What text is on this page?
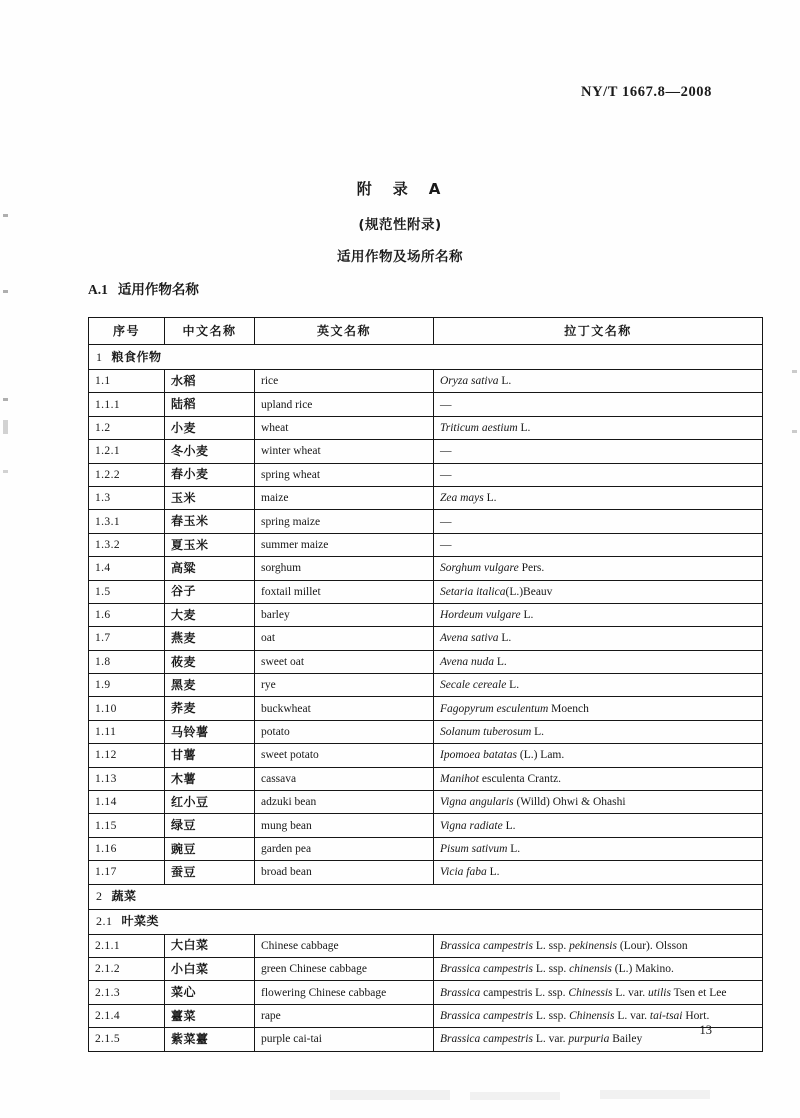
NY/T 1667.8—2008
附　录　A
(规范性附录)
适用作物及场所名称
A.1 适用作物名称
序号	中文名称	英文名称	拉丁文名称
1 粮食作物			
1.1	水稻	rice	Oryza sativa L.
1.1.1	陆稻	upland rice	—
1.2	小麦	wheat	Triticum aestium L.
1.2.1	冬小麦	winter wheat	—
1.2.2	春小麦	spring wheat	—
1.3	玉米	maize	Zea mays L.
1.3.1	春玉米	spring maize	—
1.3.2	夏玉米	summer maize	—
1.4	高粱	sorghum	Sorghum vulgare Pers.
1.5	谷子	foxtail millet	Setaria italica(L.)Beauv
1.6	大麦	barley	Hordeum vulgare L.
1.7	燕麦	oat	Avena sativa L.
1.8	莜麦	sweet oat	Avena nuda L.
1.9	黑麦	rye	Secale cereale L.
1.10	荞麦	buckwheat	Fagopyrum esculentum Moench
1.11	马铃薯	potato	Solanum tuberosum L.
1.12	甘薯	sweet potato	Ipomoea batatas (L.) Lam.
1.13	木薯	cassava	Manihot esculenta Crantz.
1.14	红小豆	adzuki bean	Vigna angularis (Willd) Ohwi & Ohashi
1.15	绿豆	mung bean	Vigna radiate L.
1.16	豌豆	garden pea	Pisum sativum L.
1.17	蚕豆	broad bean	Vicia faba L.
2 蔬菜			
2.1 叶菜类			
2.1.1	大白菜	Chinese cabbage	Brassica campestris L. ssp. pekinensis (Lour). Olsson
2.1.2	小白菜	green Chinese cabbage	Brassica campestris L. ssp. chinensis (L.) Makino.
2.1.3	菜心	flowering Chinese cabbage	Brassica campestris L. ssp. Chinessis L. var. utilis Tsen et Lee
2.1.4	薹菜	rape	Brassica campestris L. ssp. Chinensis L. var. tai-tsai Hort.
2.1.5	紫菜薹	purple cai-tai	Brassica campestris L. var. purpuria Bailey
13
